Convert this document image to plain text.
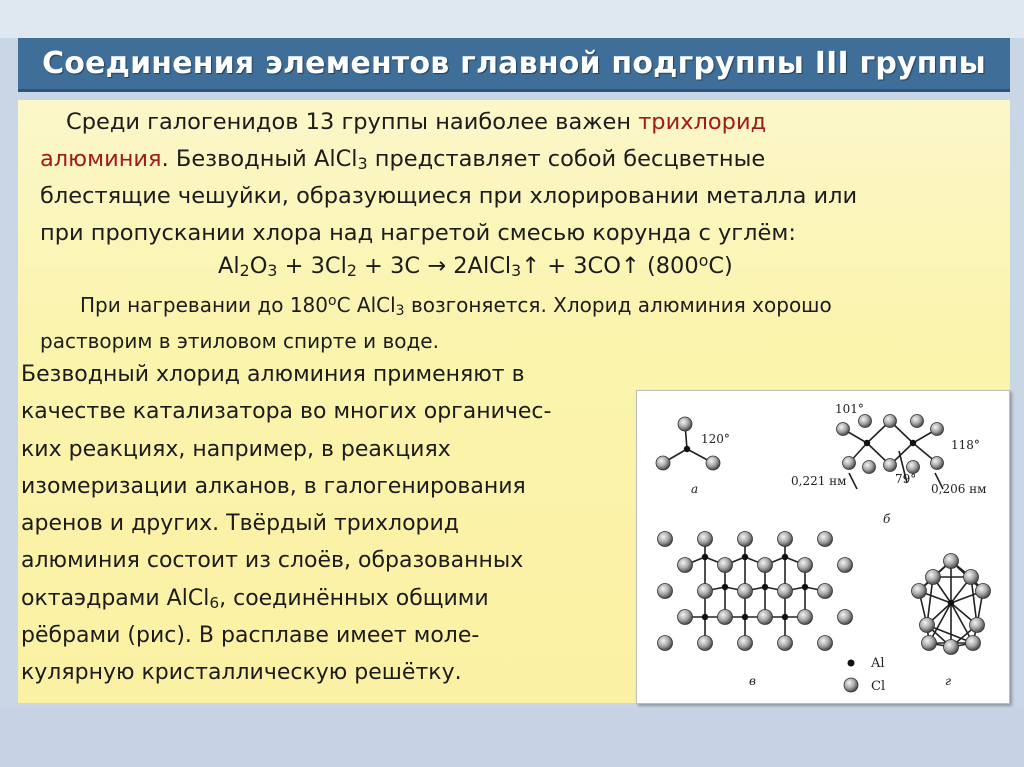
Соединения элементов главной подгруппы III группы

Среди галогенидов 13 группы наиболее важен трихлорид
алюминия. Безводный AlCl$_3$ представляет собой бесцветные
блестящие чешуйки, образующиеся при хлорировании металла или
при пропускании хлора над нагретой смесью корунда с углём:

$Al_2O_3 + 3Cl_2 + 3C$ → 2AlCl$_3$↑ + 3CO↑ (800$^o$C)

При нагревании до 180$^o$C AlCl$_3$ возгоняется. Хлорид алюминия хорошо
растворим в этиловом спирте и воде.

Безводный хлорид алюминия применяют в
качестве катализатора во многих органичес-
ких реакциях, например, в реакциях
изомеризации алканов, в галогенирования
аренов и других. Твёрдый трихлорид
алюминия состоит из слоёв, образованных
октаэдрами AlCl$_6$, соединённых общими
рёбрами (рис). В расплаве имеет моле-
кулярную кристаллическую решётку.

120°
101°
118°
79°
0,221 нм
0,206 нм
а
б
в	г
Al
Cl
